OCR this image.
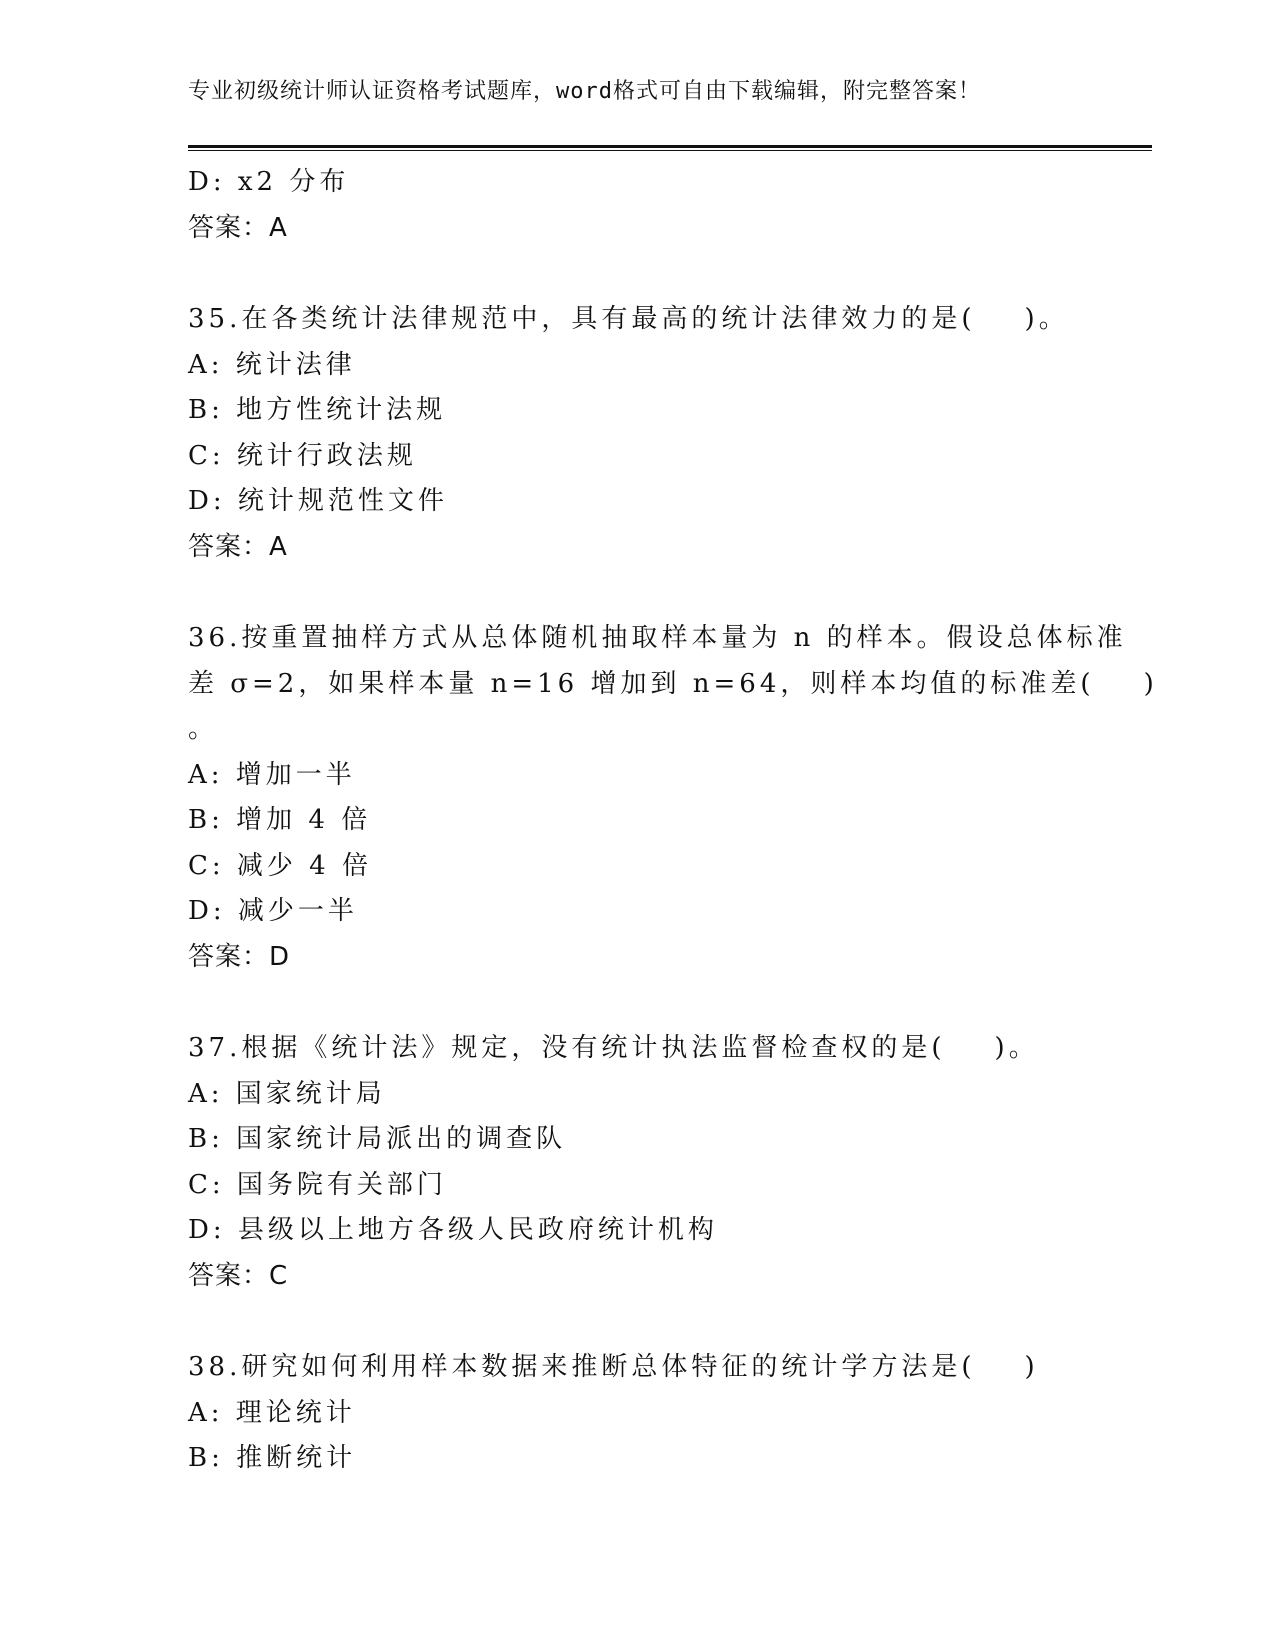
专业初级统计师认证资格考试题库，word格式可自由下载编辑，附完整答案！
D: x2 分布
答案：A
35.在各类统计法律规范中，具有最高的统计法律效力的是(    )。
A: 统计法律
B: 地方性统计法规
C: 统计行政法规
D: 统计规范性文件
答案：A
36.按重置抽样方式从总体随机抽取样本量为 n 的样本。假设总体标准
差 σ=2，如果样本量 n=16 增加到 n=64，则样本均值的标准差(    )
。
A: 增加一半
B: 增加 4 倍
C: 减少 4 倍
D: 减少一半
答案：D
37.根据《统计法》规定，没有统计执法监督检查权的是(    )。
A: 国家统计局
B: 国家统计局派出的调查队
C: 国务院有关部门
D: 县级以上地方各级人民政府统计机构
答案：C
38.研究如何利用样本数据来推断总体特征的统计学方法是(    )
A: 理论统计
B: 推断统计
